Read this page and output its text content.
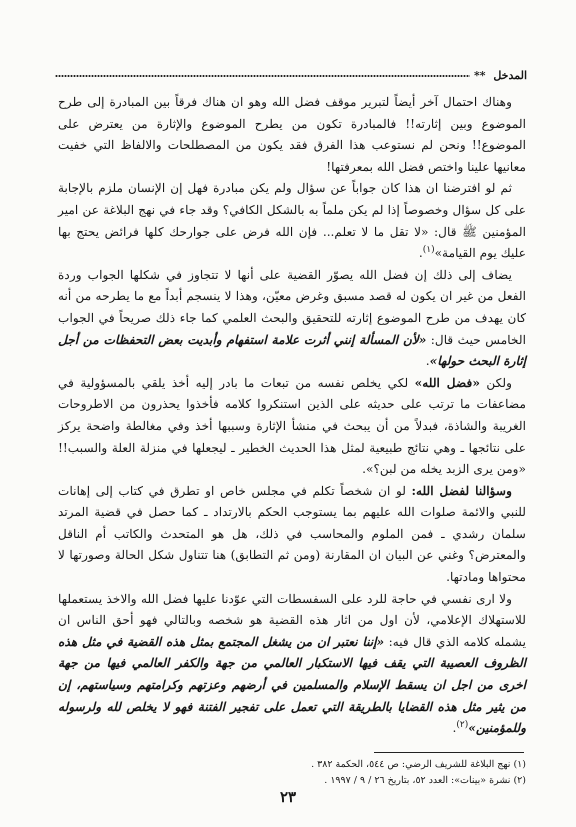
المدخل **

وهناك احتمال آخر أيضاً لتبرير موقف فضل الله وهو ان هناك فرقاً بين المبادرة إلى طرح الموضوع وبين إثارته!! فالمبادرة تكون من يطرح الموضوع والإثارة من يعترض على الموضوع!! ونحن لم نستوعب هذا الفرق فقد يكون من المصطلحات والالفاظ التي خفيت معانيها علينا واختص فضل الله بمعرفتها!

ثم لو افترضنا ان هذا كان جواباً عن سؤال ولم يكن مبادرة فهل إن الإنسان ملزم بالإجابة على كل سؤال وخصوصاً إذا لم يكن ملماً به بالشكل الكافي؟ وقد جاء في نهج البلاغة عن امير المؤمنين ﷺ قال: «لا تقل ما لا تعلم... فإن الله فرض على جوارحك كلها فرائض يحتج بها عليك يوم القيامة»$^{(١)}$.

يضاف إلى ذلك إن فضل الله يصوّر القضية على أنها لا تتجاوز في شكلها الجواب وردة الفعل من غير ان يكون له قصد مسبق وغرض معيّن، وهذا لا ينسجم أبداً مع ما يطرحه من أنه كان يهدف من طرح الموضوع إثارته للتحقيق والبحث العلمي كما جاء ذلك صريحاً في الجواب الخامس حيث قال: «لأن المسألة إنني أثرت علامة استفهام وأبديت بعض التحفظات من أجل إثارة البحث حولها».

ولكن «فضل الله» لكي يخلص نفسه من تبعات ما بادر إليه أخذ يلقي بالمسؤولية في مضاعفات ما ترتب على حديثه على الذين استنكروا كلامه فأخذوا يحذرون من الاطروحات الغريبة والشاذة، فبدلاً من أن يبحث في منشأ الإثارة وسببها أخذ وفي مغالطة واضحة يركز على نتائجها ـ وهي نتائج طبيعية لمثل هذا الحديث الخطير ـ ليجعلها في منزلة العلة والسبب!! «ومن يرى الزبد يخله من لبن؟».

وسؤالنا لفضل الله: لو ان شخصاً تكلم في مجلس خاص او تطرق في كتاب إلى إهانات للنبي والائمة صلوات الله عليهم بما يستوجب الحكم بالارتداد ـ كما حصل في قضية المرتد سلمان رشدي ـ فمن الملوم والمحاسب في ذلك، هل هو المتحدث والكاتب أم الناقل والمعترض؟ وغني عن البيان ان المقارنة (ومن ثم التطابق) هنا تتناول شكل الحالة وصورتها لا محتواها ومادتها.

ولا ارى نفسي في حاجة للرد على السفسطات التي عوّدنا عليها فضل الله والاخذ يستعملها للاستهلاك الإعلامي، لأن اول من اثار هذه القضية هو شخصه وبالتالي فهو أحق الناس ان يشمله كلامه الذي قال فيه: «إننا نعتبر ان من يشغل المجتمع بمثل هذه القضية في مثل هذه الظروف العصيبة التي يقف فيها الاستكبار العالمي من جهة والكفر العالمي فيها من جهة اخرى من اجل ان يسقط الإسلام والمسلمين في أرضهم وعزتهم وكرامتهم وسياستهم، إن من يثير مثل هذه القضايا بالطريقة التي تعمل على تفجير الفتنة فهو لا يخلص لله ولرسوله وللمؤمنين»$^{(٢)}$.

(١) نهج البلاغة للشريف الرضي: ص ٥٤٤، الحكمة ٣٨٢ .
(٢) نشرة «بينات»: العدد ٥٢، بتاريخ ٢٦ / ٩ / ١٩٩٧ .
٢٣
